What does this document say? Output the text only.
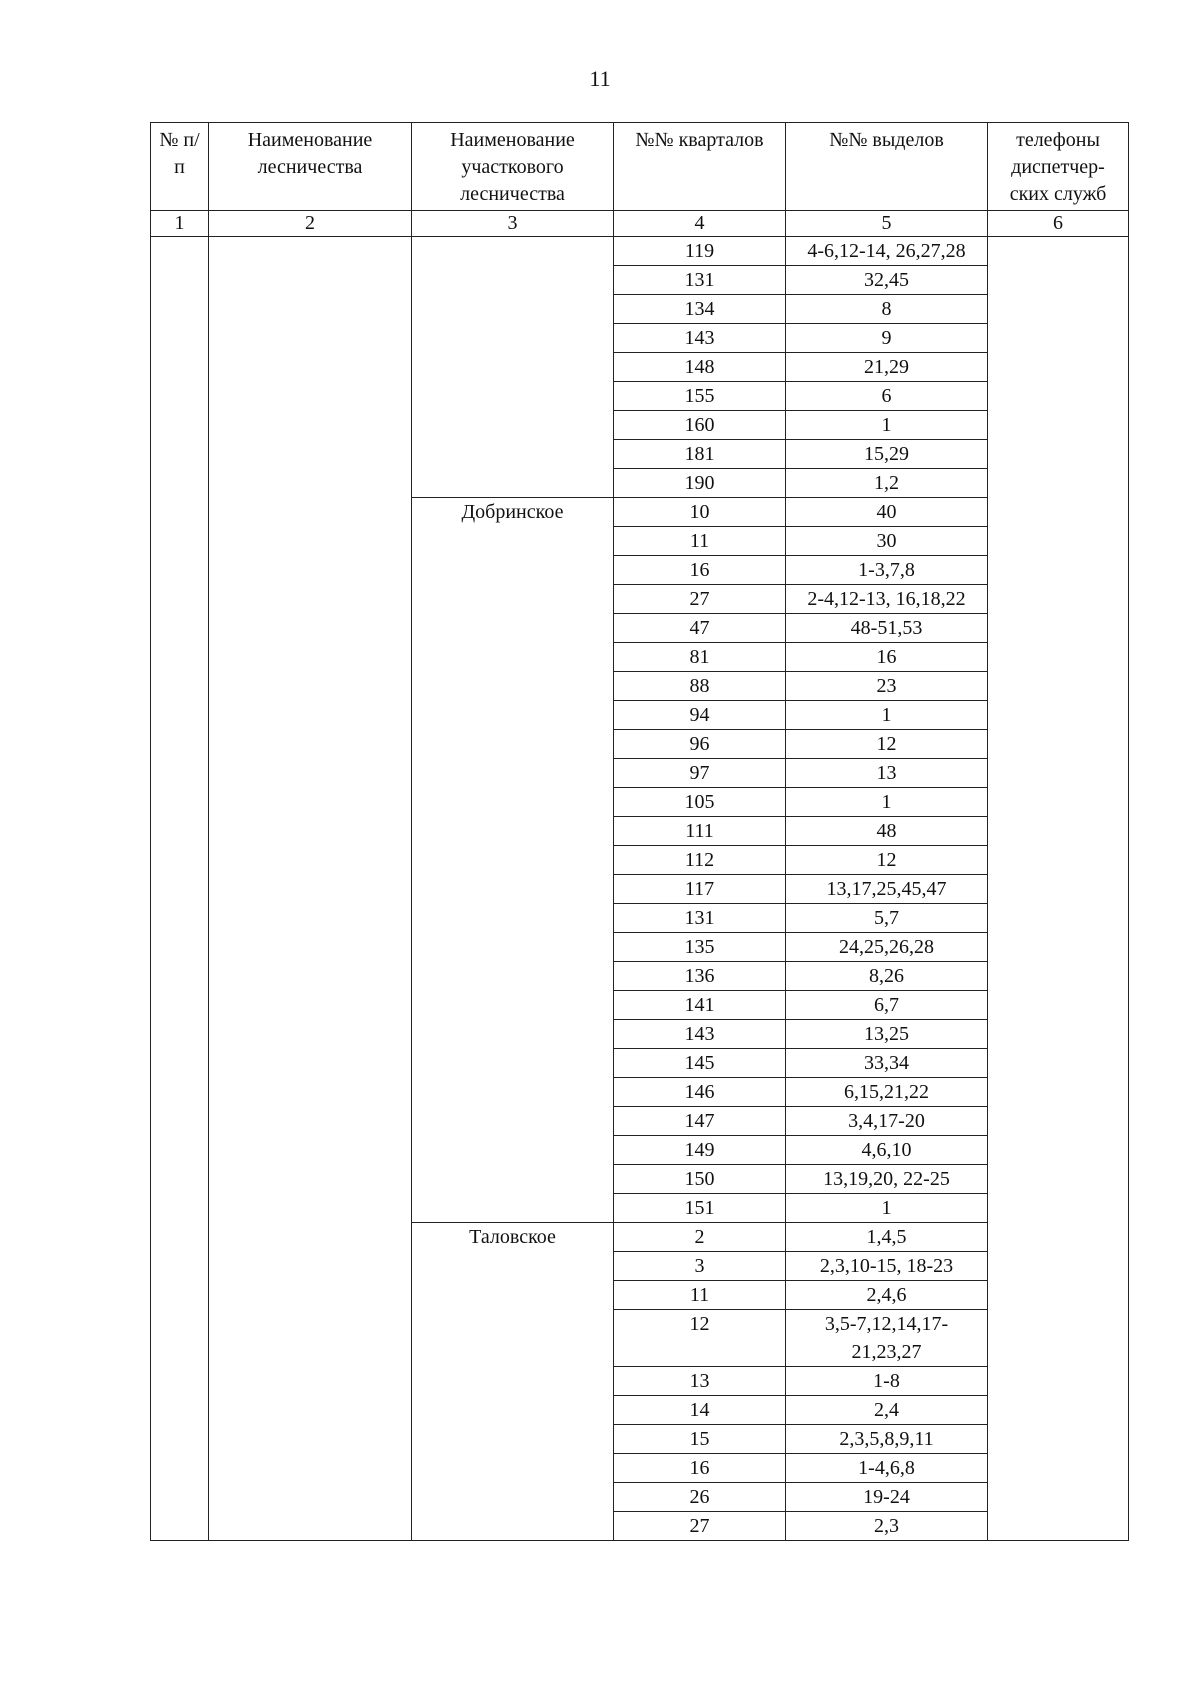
11
№ п/п	Наименование лесничества	Наименование участкового лесничества	№№ кварталов	№№ выделов	телефоны диспетчер-ских служб
1	2	3	4	5	6
			119	4-6,12-14, 26,27,28	
			131	32,45	
			134	8	
			143	9	
			148	21,29	
			155	6	
			160	1	
			181	15,29	
			190	1,2	
		Добринское	10	40	
			11	30	
			16	1-3,7,8	
			27	2-4,12-13, 16,18,22	
			47	48-51,53	
			81	16	
			88	23	
			94	1	
			96	12	
			97	13	
			105	1	
			111	48	
			112	12	
			117	13,17,25,45,47	
			131	5,7	
			135	24,25,26,28	
			136	8,26	
			141	6,7	
			143	13,25	
			145	33,34	
			146	6,15,21,22	
			147	3,4,17-20	
			149	4,6,10	
			150	13,19,20, 22-25	
			151	1	
		Таловское	2	1,4,5	
			3	2,3,10-15, 18-23	
			11	2,4,6	
			12	3,5-7,12,14,17- 21,23,27	
			13	1-8	
			14	2,4	
			15	2,3,5,8,9,11	
			16	1-4,6,8	
			26	19-24	
			27	2,3	
